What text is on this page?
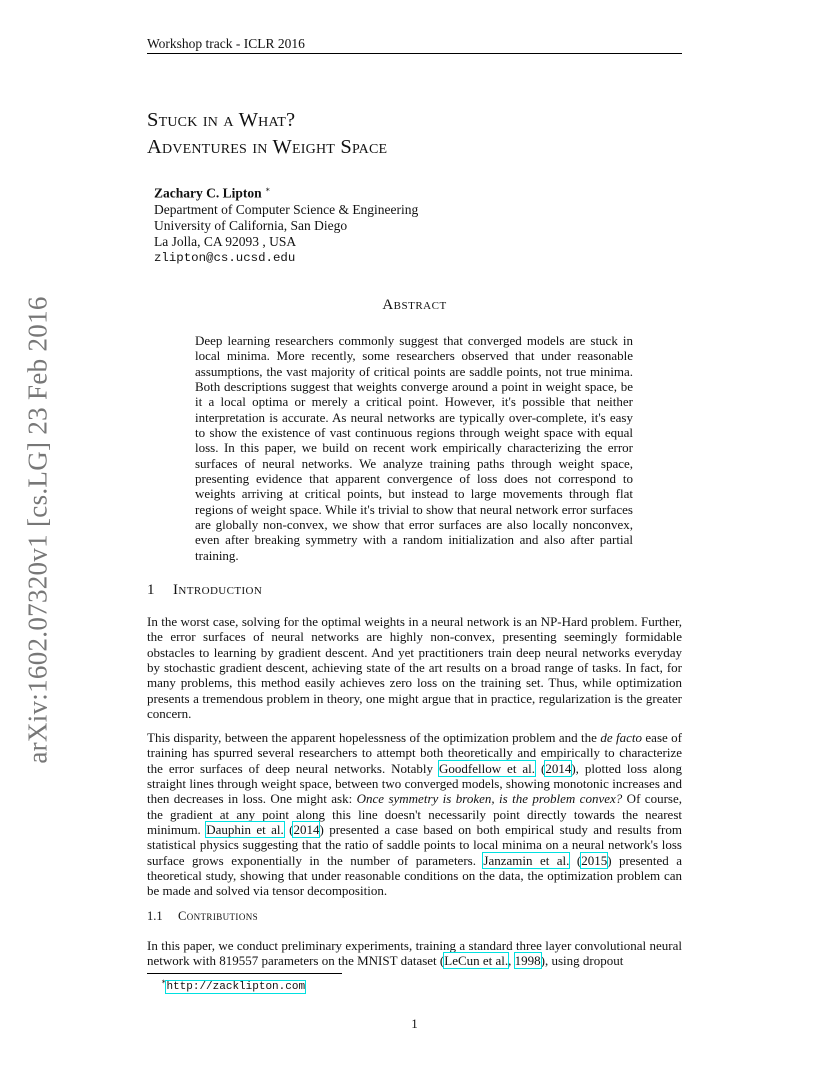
arXiv:1602.07320v1 [cs.LG] 23 Feb 2016
Workshop track - ICLR 2016
Stuck in a What?
Adventures in Weight Space
Zachary C. Lipton ∗
Department of Computer Science & Engineering
University of California, San Diego
La Jolla, CA 92093 , USA
zlipton@cs.ucsd.edu
Abstract
Deep learning researchers commonly suggest that converged models are stuck in local minima. More recently, some researchers observed that under reasonable assumptions, the vast majority of critical points are saddle points, not true minima. Both descriptions suggest that weights converge around a point in weight space, be it a local optima or merely a critical point. However, it's possible that neither interpretation is accurate. As neural networks are typically over-complete, it's easy to show the existence of vast continuous regions through weight space with equal loss. In this paper, we build on recent work empirically characterizing the error surfaces of neural networks. We analyze training paths through weight space, presenting evidence that apparent convergence of loss does not correspond to weights arriving at critical points, but instead to large movements through flat regions of weight space. While it's trivial to show that neural network error surfaces are globally non-convex, we show that error surfaces are also locally nonconvex, even after breaking symmetry with a random initialization and also after partial training.
1 Introduction
In the worst case, solving for the optimal weights in a neural network is an NP-Hard problem. Further, the error surfaces of neural networks are highly non-convex, presenting seemingly formidable obstacles to learning by gradient descent. And yet practitioners train deep neural networks everyday by stochastic gradient descent, achieving state of the art results on a broad range of tasks. In fact, for many problems, this method easily achieves zero loss on the training set. Thus, while optimization presents a tremendous problem in theory, one might argue that in practice, regularization is the greater concern.
This disparity, between the apparent hopelessness of the optimization problem and the de facto ease of training has spurred several researchers to attempt both theoretically and empirically to characterize the error surfaces of deep neural networks. Notably Goodfellow et al. (2014), plotted loss along straight lines through weight space, between two converged models, showing monotonic increases and then decreases in loss. One might ask: Once symmetry is broken, is the problem convex? Of course, the gradient at any point along this line doesn't necessarily point directly towards the nearest minimum. Dauphin et al. (2014) presented a case based on both empirical study and results from statistical physics suggesting that the ratio of saddle points to local minima on a neural network's loss surface grows exponentially in the number of parameters. Janzamin et al. (2015) presented a theoretical study, showing that under reasonable conditions on the data, the optimization problem can be made and solved via tensor decomposition.
1.1 Contributions
In this paper, we conduct preliminary experiments, training a standard three layer convolutional neural network with 819557 parameters on the MNIST dataset (LeCun et al., 1998), using dropout
∗http://zacklipton.com
1
